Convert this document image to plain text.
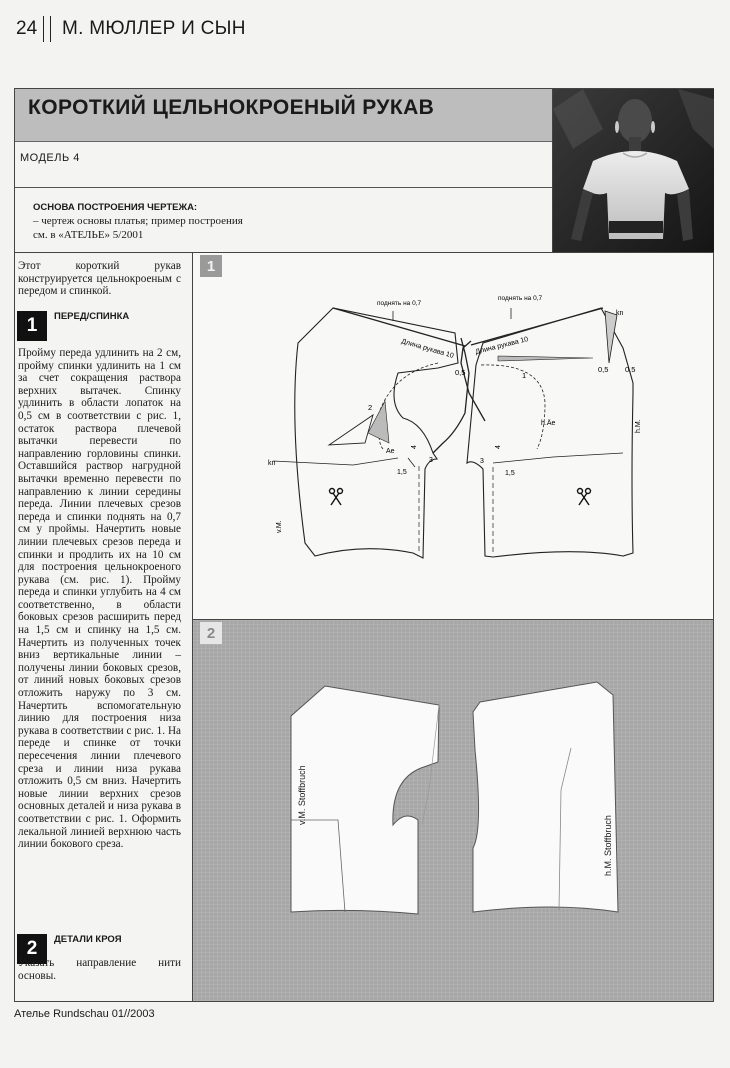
24 М. МЮЛЛЕР И СЫН
КОРОТКИЙ ЦЕЛЬНОКРОЕНЫЙ РУКАВ
МОДЕЛЬ 4
ОСНОВА ПОСТРОЕНИЯ ЧЕРТЕЖА:
– чертеж основы платья; пример построения
см. в «АТЕЛЬЕ» 5/2001
Этот короткий рукав конструируется цельнокроеным с передом и спинкой.
1	ПЕРЕД/СПИНКА
Пройму переда удлинить на 2 см, пройму спинки удлинить на 1 см за счет сокращения раствора верхних вытачек. Спинку удлинить в области лопаток на 0,5 см в соответствии с рис. 1, остаток раствора плечевой вытачки перевести по направлению горловины спинки. Оставшийся раствор нагрудной вытачки временно перевести по направлению к линии середины переда. Линии плечевых срезов переда и спинки поднять на 0,7 см у проймы. Начертить новые линии плечевых срезов переда и спинки и продлить их на 10 см для построения цельнокроеного рукава (см. рис. 1). Пройму переда и спинки углубить на 4 см соответственно, в области боковых срезов расширить перед на 1,5 см и спинку на 1,5 см. Начертить из полученных точек вниз вертикальные линии – получены линии боковых срезов, от линий новых боковых срезов отложить наружу по 3 см. Начертить вспомогательную линию для построения низа рукава в соответствии с рис. 1. На переде и спинке от точки пересечения линии плечевого среза и линии низа рукава отложить 0,5 см вниз. Начертить новые линии верхних срезов основных деталей и низа рукава в соответствии с рис. 1. Оформить лекальной линией верхнюю часть линии бокового среза.
2	ДЕТАЛИ КРОЯ
Указать направление нити основы.
поднять на 0,7
Длина рукава 10
2
Ae
kn
4
1,5
3
v.M.
0,5
поднять на 0,7
Длина рукава 10
kn
0,5 0,5
1
h.Äe	h.M.
4
3
1,5
1
v.M. Stoffbruch
h.M. Stoffbruch
2
Ателье Rundschau 01//2003
